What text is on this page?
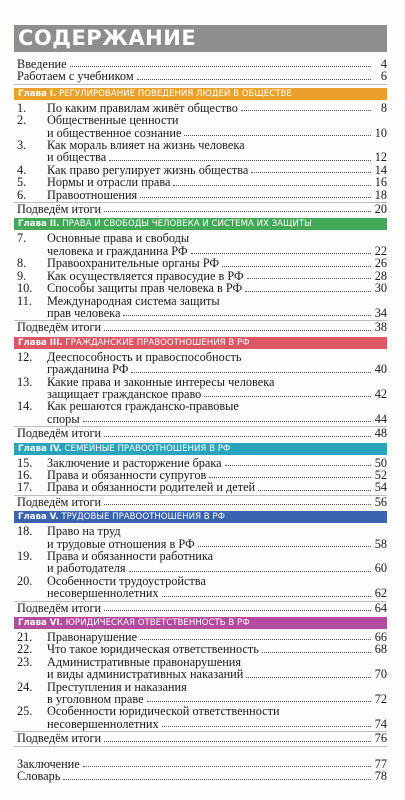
СОДЕРЖАНИЕ
Введение	4
Работаем с учебником	6
Глава I. РЕГУЛИРОВАНИЕ ПОВЕДЕНИЯ ЛЮДЕЙ В ОБЩЕСТВЕ
1.	По каким правилам живёт общество	8
2.	Общественные ценности
и общественное сознание	10
3.	Как мораль влияет на жизнь человека
и общества	12
4.	Как право регулирует жизнь общества	14
5.	Нормы и отрасли права	16
6.	Правоотношения	18
Подведём итоги	20
Глава II. ПРАВА И СВОБОДЫ ЧЕЛОВЕКА И СИСТЕМА ИХ ЗАЩИТЫ
7.	Основные права и свободы
человека и гражданина РФ	22
8.	Правоохранительные органы РФ	26
9.	Как осуществляется правосудие в РФ	28
10.	Способы защиты прав человека в РФ	30
11.	Международная система защиты
прав человека	34
Подведём итоги	38
Глава III. ГРАЖДАНСКИЕ ПРАВООТНОШЕНИЯ В РФ
12.	Дееспособность и правоспособность
гражданина РФ	40
13.	Какие права и законные интересы человека
защищает гражданское право	42
14.	Как решаются гражданско-правовые
споры	44
Подведём итоги	48
Глава IV. СЕМЕЙНЫЕ ПРАВООТНОШЕНИЯ В РФ
15.	Заключение и расторжение брака	50
16.	Права и обязанности супругов	52
17.	Права и обязанности родителей и детей	54
Подведём итоги	56
Глава V. ТРУДОВЫЕ ПРАВООТНОШЕНИЯ В РФ
18.	Право на труд
и трудовые отношения в РФ	58
19.	Права и обязанности работника
и работодателя	60
20.	Особенности трудоустройства
несовершеннолетних	62
Подведём итоги	64
Глава VI. ЮРИДИЧЕСКАЯ ОТВЕТСТВЕННОСТЬ В РФ
21.	Правонарушение	66
22.	Что такое юридическая ответственность	68
23.	Административные правонарушения
и виды административных наказаний	70
24.	Преступления и наказания
в уголовном праве	72
25.	Особенности юридической ответственности
несовершеннолетних	74
Подведём итоги	76
Заключение	77
Словарь	78
